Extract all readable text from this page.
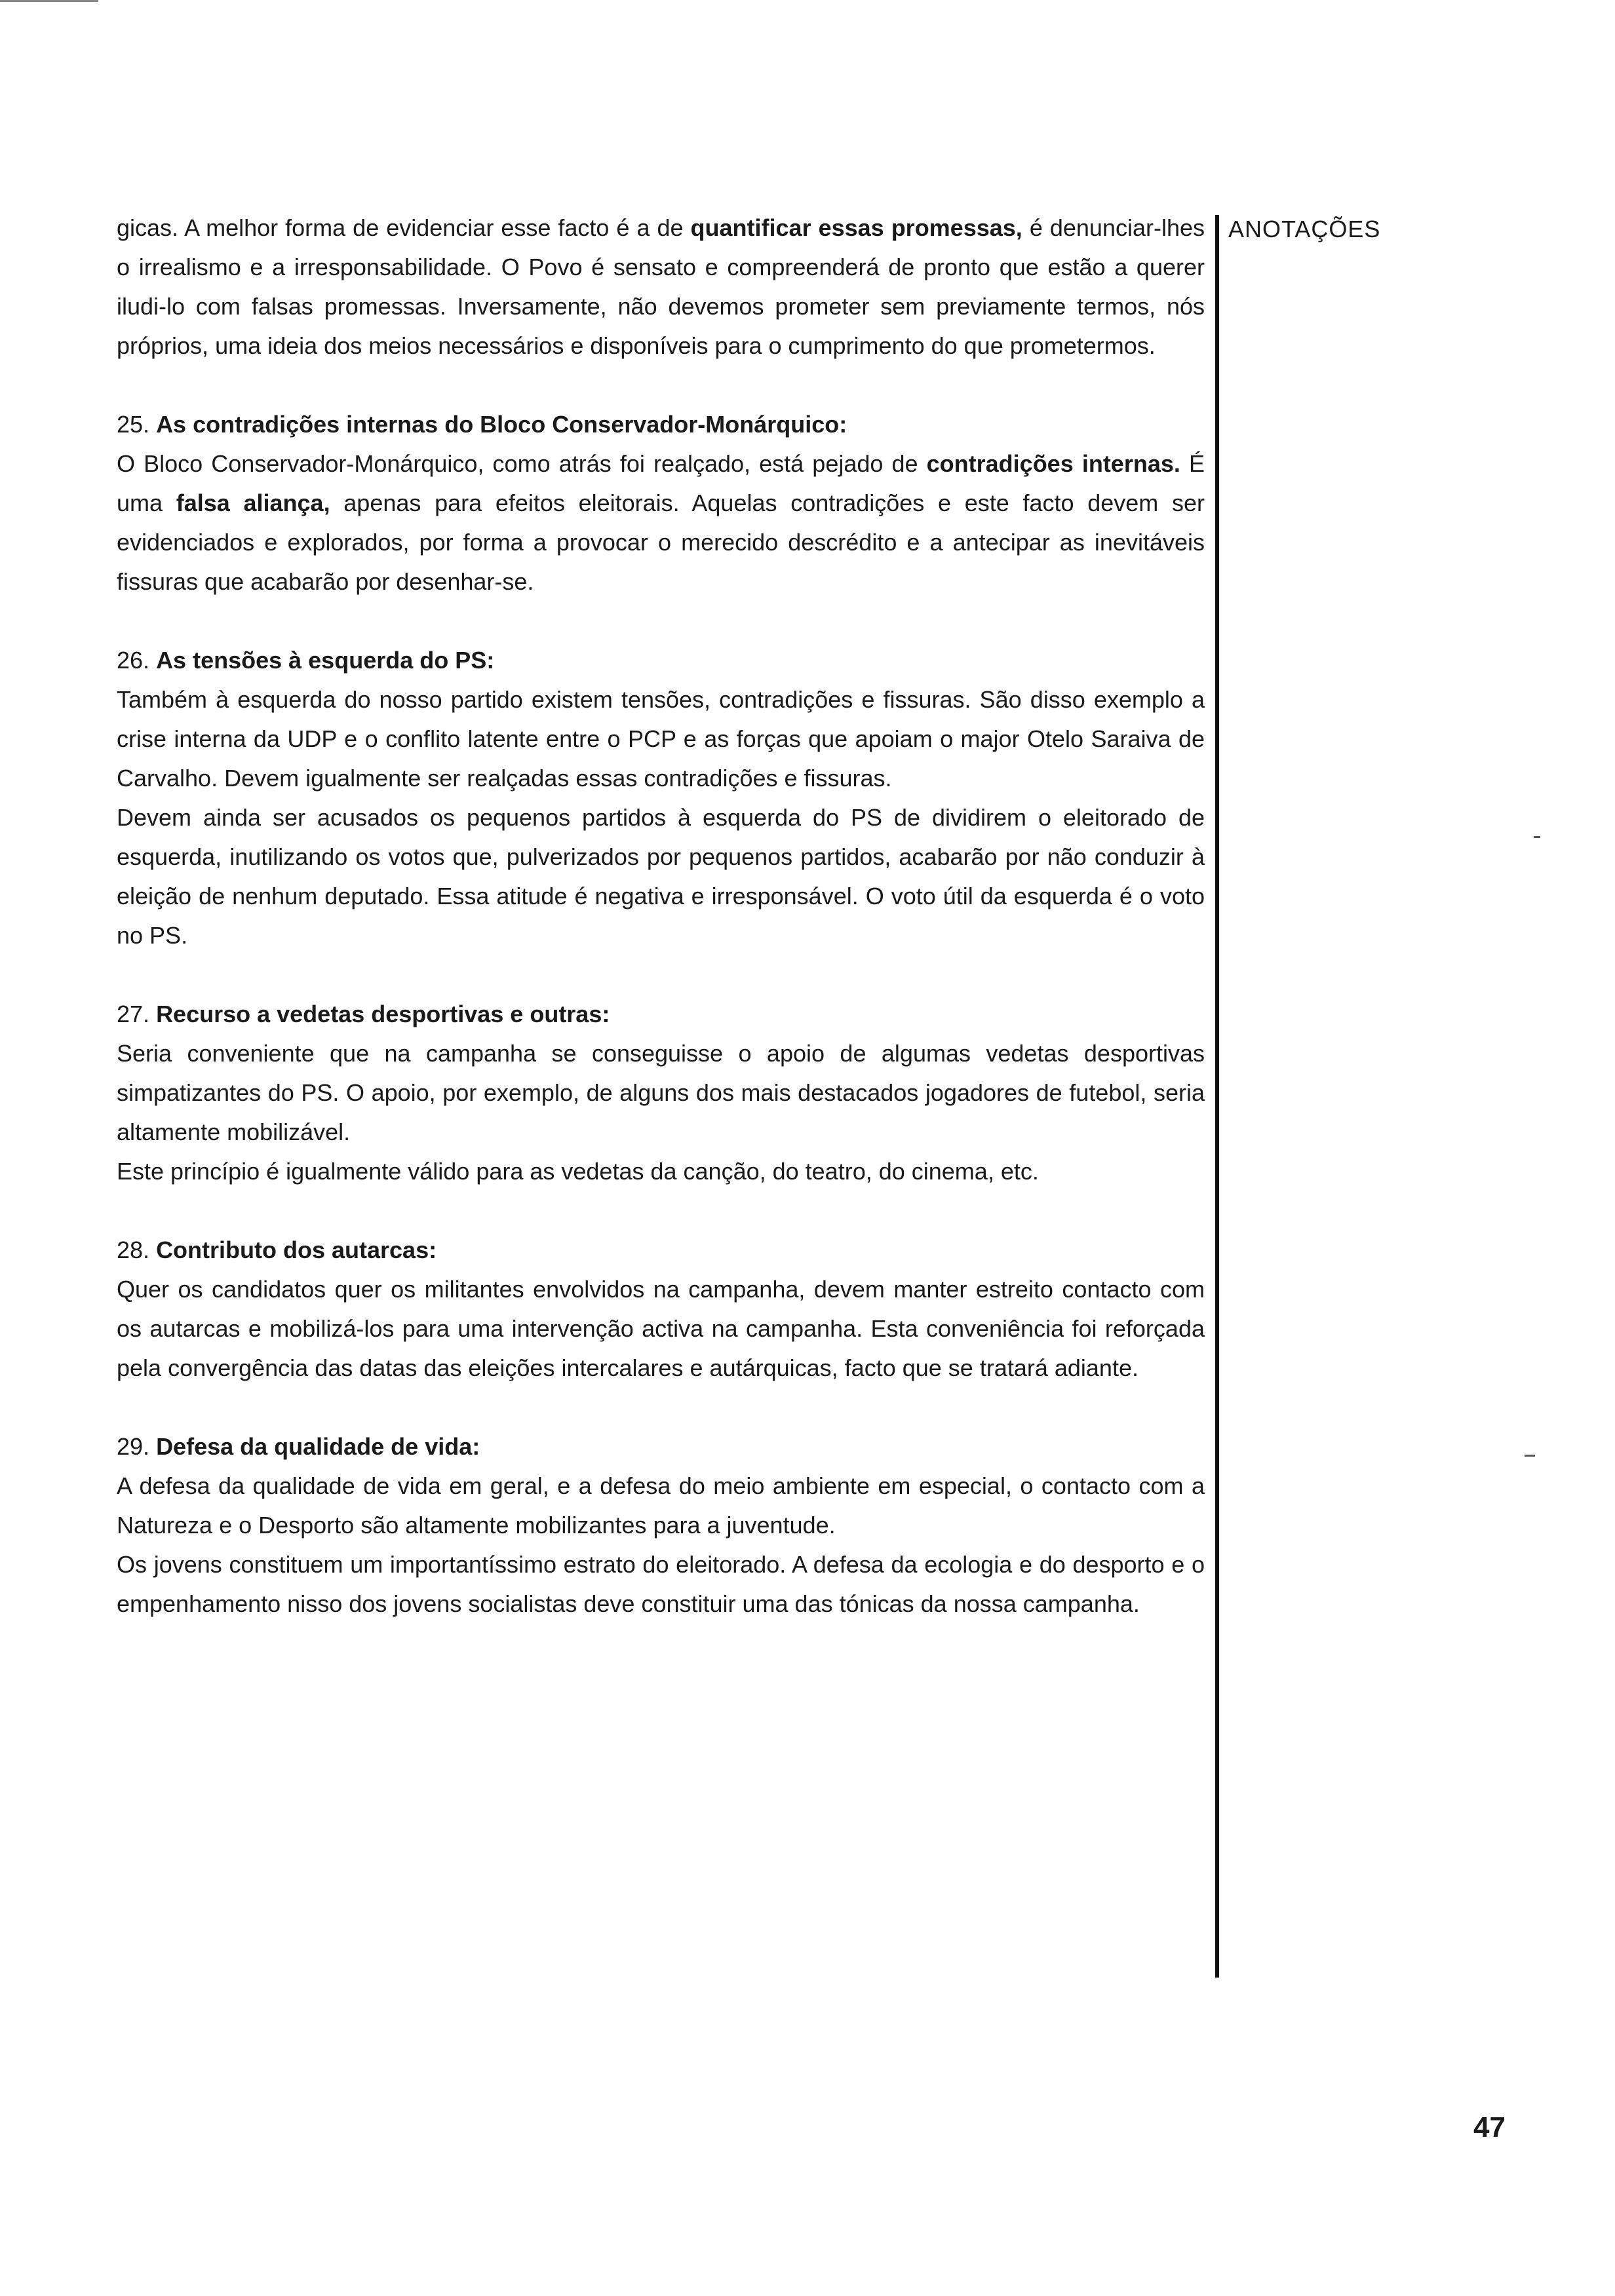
gicas. A melhor forma de evidenciar esse facto é a de quantificar essas promessas, é denunciar-lhes o irrealismo e a irresponsabilidade. O Povo é sensato e compreenderá de pronto que estão a querer iludi-lo com falsas promessas. Inversamente, não devemos prometer sem previamente termos, nós próprios, uma ideia dos meios necessários e disponíveis para o cumprimento do que prometermos.

25. As contradições internas do Bloco Conservador-Monárquico:

O Bloco Conservador-Monárquico, como atrás foi realçado, está pejado de contradições internas. É uma falsa aliança, apenas para efeitos eleitorais. Aquelas contradições e este facto devem ser evidenciados e explorados, por forma a provocar o merecido descrédito e a antecipar as inevitáveis fissuras que acabarão por desenhar-se.

26. As tensões à esquerda do PS:

Também à esquerda do nosso partido existem tensões, contradições e fissuras. São disso exemplo a crise interna da UDP e o conflito latente entre o PCP e as forças que apoiam o major Otelo Saraiva de Carvalho. Devem igualmente ser realçadas essas contradições e fissuras.

Devem ainda ser acusados os pequenos partidos à esquerda do PS de dividirem o eleitorado de esquerda, inutilizando os votos que, pulverizados por pequenos partidos, acabarão por não conduzir à eleição de nenhum deputado. Essa atitude é negativa e irresponsável. O voto útil da esquerda é o voto no PS.

27. Recurso a vedetas desportivas e outras:

Seria conveniente que na campanha se conseguisse o apoio de algumas vedetas desportivas simpatizantes do PS. O apoio, por exemplo, de alguns dos mais destacados jogadores de futebol, seria altamente mobilizável.

Este princípio é igualmente válido para as vedetas da canção, do teatro, do cinema, etc.

28. Contributo dos autarcas:

Quer os candidatos quer os militantes envolvidos na campanha, devem manter estreito contacto com os autarcas e mobilizá-los para uma intervenção activa na campanha. Esta conveniência foi reforçada pela convergência das datas das eleições intercalares e autárquicas, facto que se tratará adiante.

29. Defesa da qualidade de vida:

A defesa da qualidade de vida em geral, e a defesa do meio ambiente em especial, o contacto com a Natureza e o Desporto são altamente mobilizantes para a juventude.

Os jovens constituem um importantíssimo estrato do eleitorado. A defesa da ecologia e do desporto e o empenhamento nisso dos jovens socialistas deve constituir uma das tónicas da nossa campanha.

ANOTAÇÕES
47
